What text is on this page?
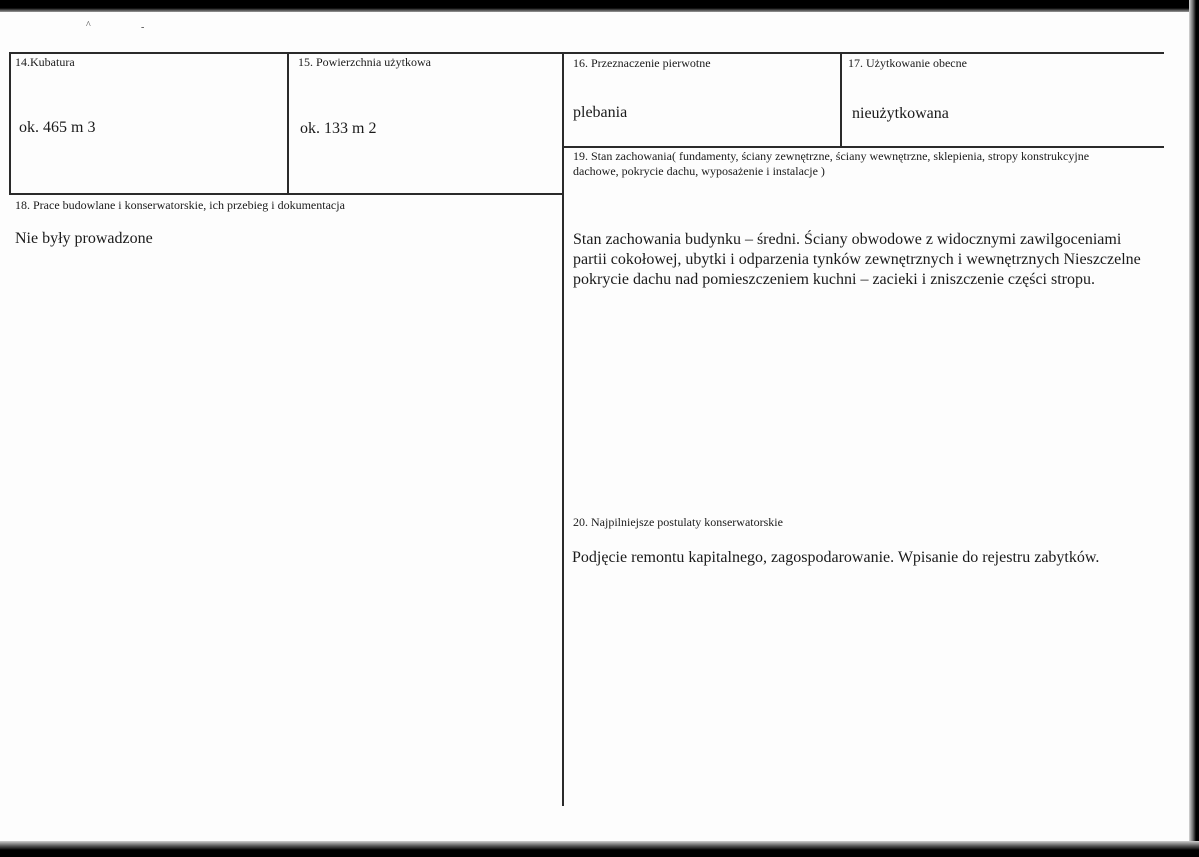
^	-
14.Kubatura
ok. 465 m 3
15. Powierzchnia użytkowa
ok. 133 m 2
16. Przeznaczenie pierwotne
plebania
17. Użytkowanie obecne
nieużytkowana
18. Prace budowlane i konserwatorskie, ich przebieg i dokumentacja
Nie były prowadzone
19. Stan zachowania( fundamenty, ściany zewnętrzne, ściany wewnętrzne, sklepienia, stropy konstrukcyjne dachowe, pokrycie dachu, wyposażenie i instalacje )
Stan zachowania budynku – średni. Ściany obwodowe z widocznymi zawilgoceniami partii cokołowej, ubytki i odparzenia tynków zewnętrznych i wewnętrznych Nieszczelne pokrycie dachu nad pomieszczeniem kuchni – zacieki i zniszczenie części stropu.
20. Najpilniejsze postulaty konserwatorskie
Podjęcie remontu kapitalnego, zagospodarowanie. Wpisanie do rejestru zabytków.
